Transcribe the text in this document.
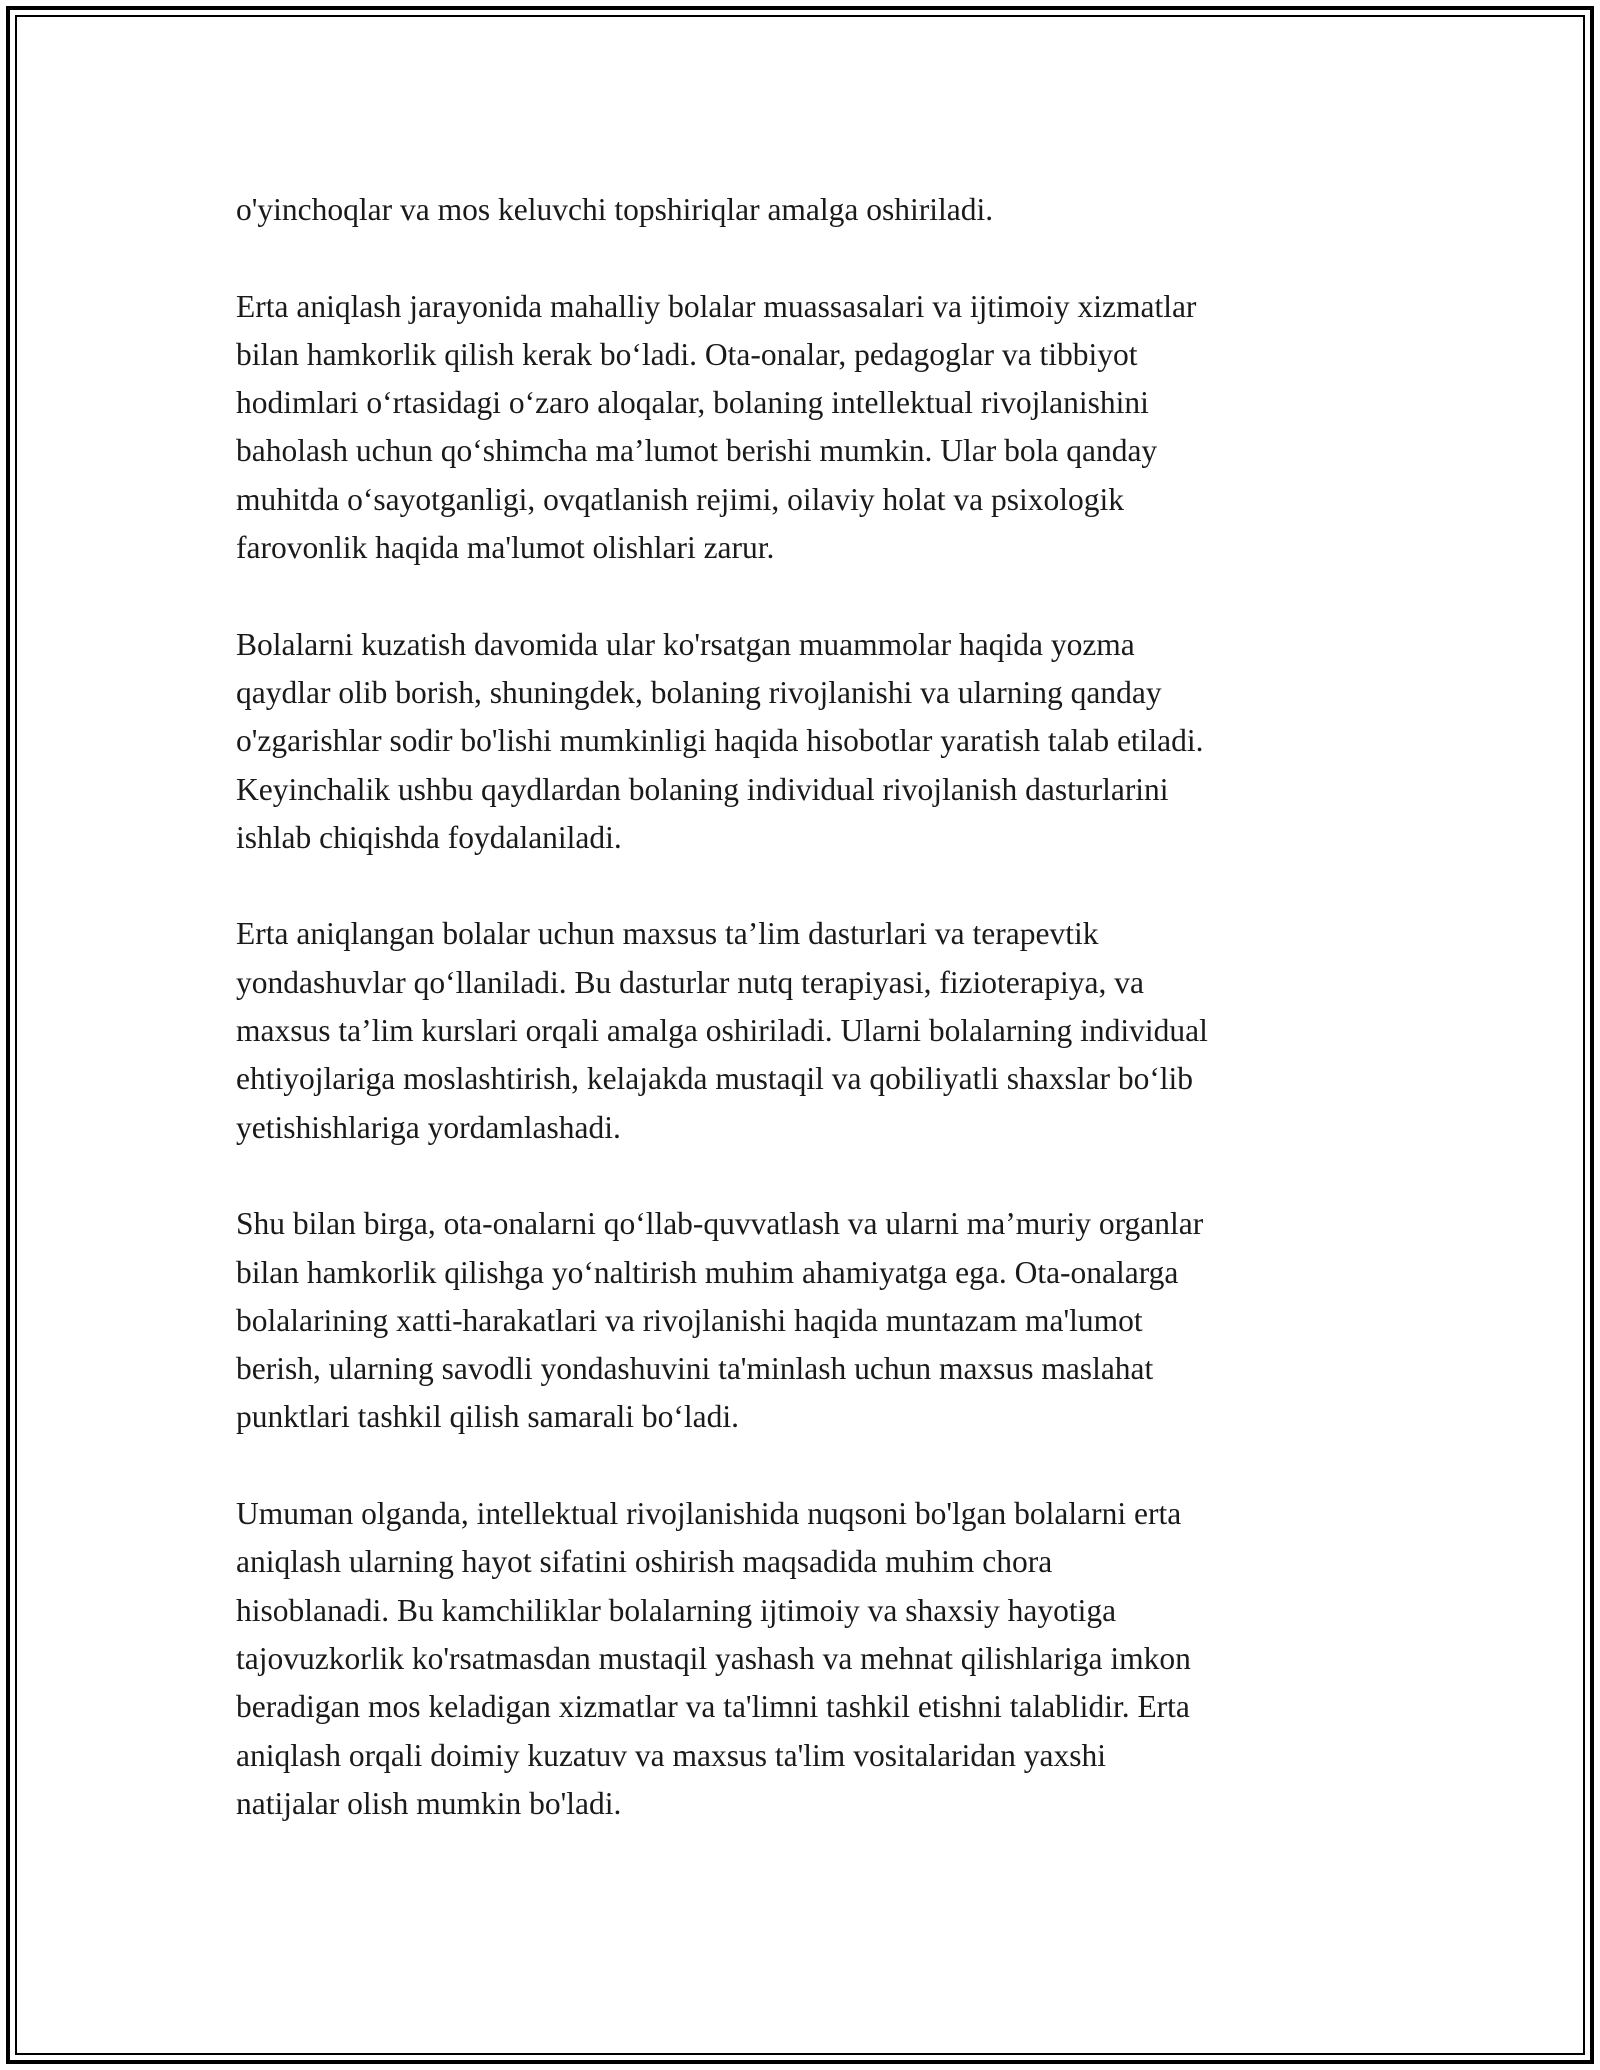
o'yinchoqlar va mos keluvchi topshiriqlar amalga oshiriladi.

Erta aniqlash jarayonida mahalliy bolalar muassasalari va ijtimoiy xizmatlar
bilan hamkorlik qilish kerak bo‘ladi. Ota-onalar, pedagoglar va tibbiyot
hodimlari o‘rtasidagi o‘zaro aloqalar, bolaning intellektual rivojlanishini
baholash uchun qo‘shimcha ma’lumot berishi mumkin. Ular bola qanday
muhitda o‘sayotganligi, ovqatlanish rejimi, oilaviy holat va psixologik
farovonlik haqida ma'lumot olishlari zarur.

Bolalarni kuzatish davomida ular ko'rsatgan muammolar haqida yozma
qaydlar olib borish, shuningdek, bolaning rivojlanishi va ularning qanday
o'zgarishlar sodir bo'lishi mumkinligi haqida hisobotlar yaratish talab etiladi.
Keyinchalik ushbu qaydlardan bolaning individual rivojlanish dasturlarini
ishlab chiqishda foydalaniladi.

Erta aniqlangan bolalar uchun maxsus ta’lim dasturlari va terapevtik
yondashuvlar qo‘llaniladi. Bu dasturlar nutq terapiyasi, fizioterapiya, va
maxsus ta’lim kurslari orqali amalga oshiriladi. Ularni bolalarning individual
ehtiyojlariga moslashtirish, kelajakda mustaqil va qobiliyatli shaxslar bo‘lib
yetishishlariga yordamlashadi.

Shu bilan birga, ota-onalarni qo‘llab-quvvatlash va ularni ma’muriy organlar
bilan hamkorlik qilishga yo‘naltirish muhim ahamiyatga ega. Ota-onalarga
bolalarining xatti-harakatlari va rivojlanishi haqida muntazam ma'lumot
berish, ularning savodli yondashuvini ta'minlash uchun maxsus maslahat
punktlari tashkil qilish samarali bo‘ladi.

Umuman olganda, intellektual rivojlanishida nuqsoni bo'lgan bolalarni erta
aniqlash ularning hayot sifatini oshirish maqsadida muhim chora
hisoblanadi. Bu kamchiliklar bolalarning ijtimoiy va shaxsiy hayotiga
tajovuzkorlik ko'rsatmasdan mustaqil yashash va mehnat qilishlariga imkon
beradigan mos keladigan xizmatlar va ta'limni tashkil etishni talablidir. Erta
aniqlash orqali doimiy kuzatuv va maxsus ta'lim vositalaridan yaxshi
natijalar olish mumkin bo'ladi.
